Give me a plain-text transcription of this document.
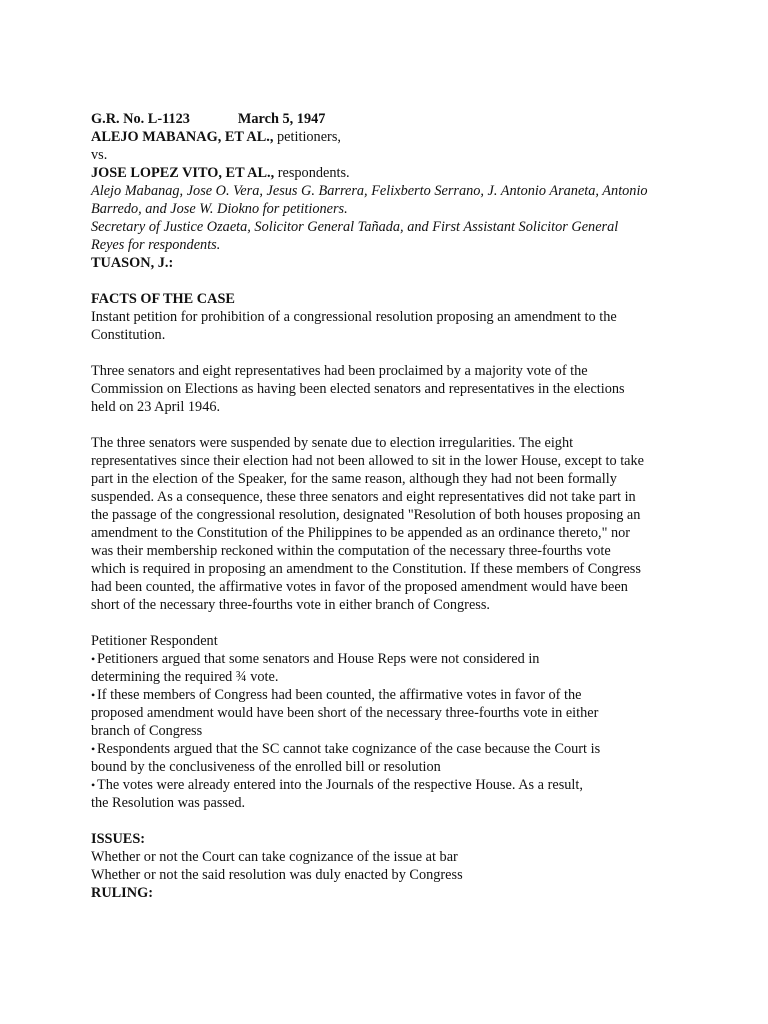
G.R. No. L-1123	March 5, 1947
ALEJO MABANAG, ET AL., petitioners,
vs.
JOSE LOPEZ VITO, ET AL., respondents.
Alejo Mabanag, Jose O. Vera, Jesus G. Barrera, Felixberto Serrano, J. Antonio Araneta, Antonio
Barredo, and Jose W. Diokno for petitioners.
Secretary of Justice Ozaeta, Solicitor General Tañada, and First Assistant Solicitor General
Reyes for respondents.
TUASON, J.:
FACTS OF THE CASE
Instant petition for prohibition of a congressional resolution proposing an amendment to the
Constitution.
Three senators and eight representatives had been proclaimed by a majority vote of the
Commission on Elections as having been elected senators and representatives in the elections
held on 23 April 1946.
The three senators were suspended by senate due to election irregularities. The eight
representatives since their election had not been allowed to sit in the lower House, except to take
part in the election of the Speaker, for the same reason, although they had not been formally
suspended. As a consequence, these three senators and eight representatives did not take part in
the passage of the congressional resolution, designated "Resolution of both houses proposing an
amendment to the Constitution of the Philippines to be appended as an ordinance thereto," nor
was their membership reckoned within the computation of the necessary three-fourths vote
which is required in proposing an amendment to the Constitution. If these members of Congress
had been counted, the affirmative votes in favor of the proposed amendment would have been
short of the necessary three-fourths vote in either branch of Congress.
Petitioner Respondent
• Petitioners argued that some senators and House Reps were not considered in
determining the required ¾ vote.
• If these members of Congress had been counted, the affirmative votes in favor of the
proposed amendment would have been short of the necessary three-fourths vote in either
branch of Congress
• Respondents argued that the SC cannot take cognizance of the case because the Court is
bound by the conclusiveness of the enrolled bill or resolution
• The votes were already entered into the Journals of the respective House. As a result,
the Resolution was passed.
ISSUES:
Whether or not the Court can take cognizance of the issue at bar
Whether or not the said resolution was duly enacted by Congress
RULING:
